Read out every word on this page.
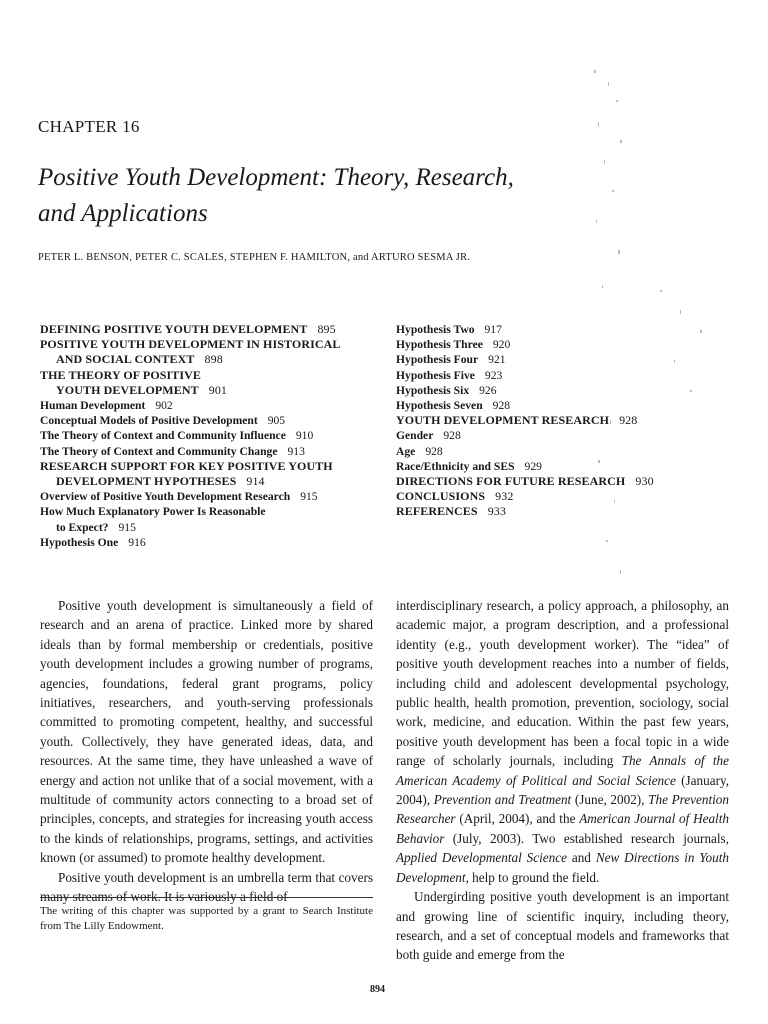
CHAPTER 16
Positive Youth Development: Theory, Research,
and Applications
PETER L. BENSON, PETER C. SCALES, STEPHEN F. HAMILTON, and ARTURO SESMA JR.
DEFINING POSITIVE YOUTH DEVELOPMENT 895
POSITIVE YOUTH DEVELOPMENT IN HISTORICAL
AND SOCIAL CONTEXT 898
THE THEORY OF POSITIVE
YOUTH DEVELOPMENT 901
Human Development 902
Conceptual Models of Positive Development 905
The Theory of Context and Community Influence 910
The Theory of Context and Community Change 913
RESEARCH SUPPORT FOR KEY POSITIVE YOUTH
DEVELOPMENT HYPOTHESES 914
Overview of Positive Youth Development Research 915
How Much Explanatory Power Is Reasonable
to Expect? 915
Hypothesis One 916
Hypothesis Two 917
Hypothesis Three 920
Hypothesis Four 921
Hypothesis Five 923
Hypothesis Six 926
Hypothesis Seven 928
YOUTH DEVELOPMENT RESEARCH 928
Gender 928
Age 928
Race/Ethnicity and SES 929
DIRECTIONS FOR FUTURE RESEARCH 930
CONCLUSIONS 932
REFERENCES 933

Positive youth development is simultaneously a field of research and an arena of practice. Linked more by shared ideals than by formal membership or credentials, positive youth development includes a growing number of programs, agencies, foundations, federal grant programs, policy initiatives, researchers, and youth-serving professionals committed to promoting competent, healthy, and successful youth. Collectively, they have generated ideas, data, and resources. At the same time, they have unleashed a wave of energy and action not unlike that of a social movement, with a multitude of community actors connecting to a broad set of principles, concepts, and strategies for increasing youth access to the kinds of relationships, programs, settings, and activities known (or assumed) to promote healthy development.

Positive youth development is an umbrella term that covers many streams of work. It is variously a field of

interdisciplinary research, a policy approach, a philosophy, an academic major, a program description, and a professional identity (e.g., youth development worker). The “idea” of positive youth development reaches into a number of fields, including child and adolescent developmental psychology, public health, health promotion, prevention, sociology, social work, medicine, and education. Within the past few years, positive youth development has been a focal topic in a wide range of scholarly journals, including The Annals of the American Academy of Political and Social Science (January, 2004), Prevention and Treatment (June, 2002), The Prevention Researcher (April, 2004), and the American Journal of Health Behavior (July, 2003). Two established research journals, Applied Developmental Science and New Directions in Youth Development, help to ground the field.

Undergirding positive youth development is an important and growing line of scientific inquiry, including theory, research, and a set of conceptual models and frameworks that both guide and emerge from the

The writing of this chapter was supported by a grant to Search Institute from The Lilly Endowment.
894
